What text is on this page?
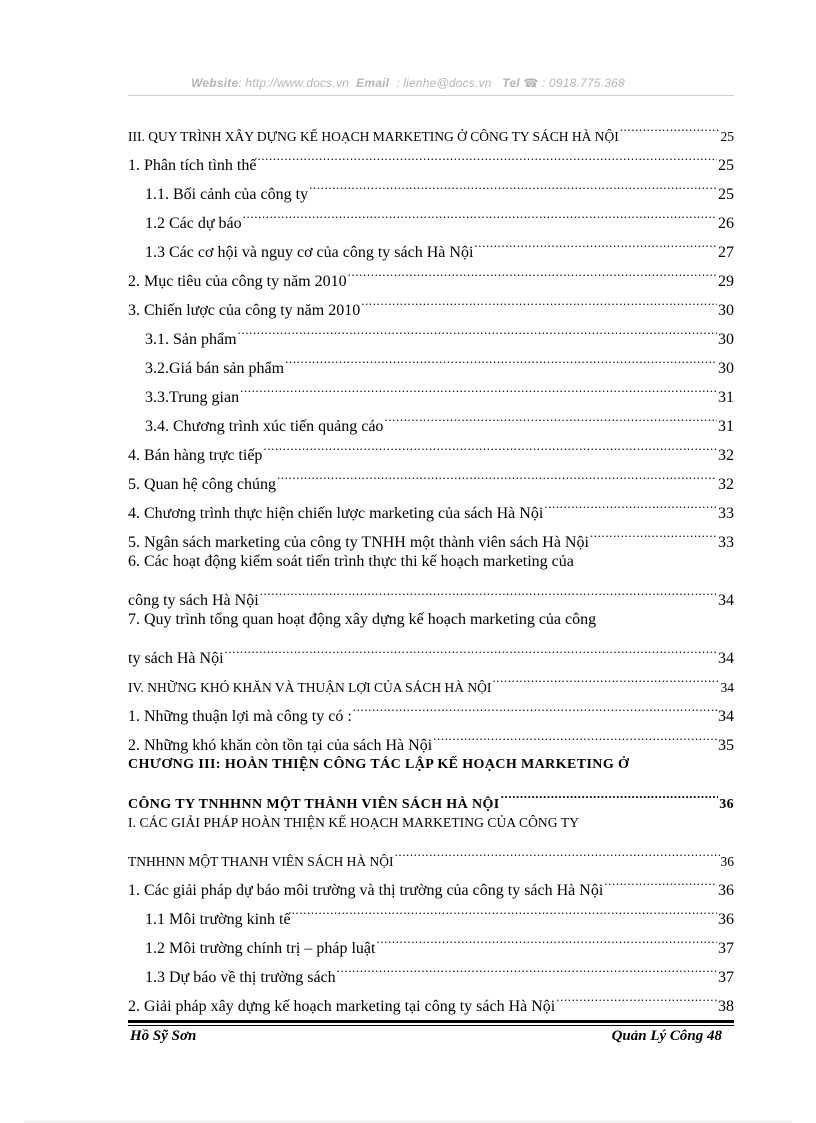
Website: http://www.docs.vn Email : lienhe@docs.vn Tel ☎ : 0918.775.368
III. QUY TRÌNH XÂY DỰNG KẾ HOẠCH MARKETING Ở CÔNG TY SÁCH HÀ NỘI .....	25
1. Phân tích tình thế .....	25
1.1. Bối cảnh của công ty .....	25
1.2 Các dự báo .....	26
1.3 Các cơ hội và nguy cơ của công ty sách Hà Nội .....	27
2. Mục tiêu của công ty năm 2010 .....	29
3. Chiến lược của công ty năm 2010 .....	30
3.1. Sản phẩm .....	30
3.2.Giá bán sản phẩm .....	30
3.3.Trung gian .....	31
3.4. Chương trình xúc tiến quảng cáo .....	31
4. Bán hàng trực tiếp .....	32
5. Quan hệ công chúng .....	32
4. Chương trình thực hiện chiến lược marketing của sách Hà Nội .....	33
5. Ngân sách marketing của công ty TNHH một thành viên sách Hà Nội .....	33
6. Các hoạt động kiểm soát tiến trình thực thi kế hoạch marketing của
công ty sách Hà Nội .....	34
7. Quy trình tổng quan hoạt động xây dựng kế hoạch marketing của công
ty sách Hà Nội .....	34
IV. NHỮNG KHÓ KHĂN VÀ THUẬN LỢI CỦA SÁCH HÀ NỘI .....	34
1. Những thuận lợi mà công ty có : .....	34
2. Những khó khăn còn tồn tại của sách Hà Nội .....	35
CHƯƠNG III: HOÀN THIỆN CÔNG TÁC LẬP KẾ HOẠCH MARKETING Ở
CÔNG TY TNHHNN MỘT THÀNH VIÊN SÁCH HÀ NỘI .....	36
I. CÁC GIẢI PHÁP HOÀN THIỆN KẾ HOẠCH MARKETING CỦA CÔNG TY
TNHHNN MỘT THANH VIÊN SÁCH HÀ NỘI .....	36
1. Các giải pháp dự báo môi trường và thị trường của công ty sách Hà Nội .....	36
1.1 Môi trường kinh tế .....	36
1.2 Môi trường chính trị – pháp luật .....	37
1.3 Dự báo về thị trường sách .....	37
2. Giải pháp xây dựng kế hoạch marketing tại công ty sách Hà Nội .....	38
Hồ Sỹ Sơn	Quản Lý Công 48
